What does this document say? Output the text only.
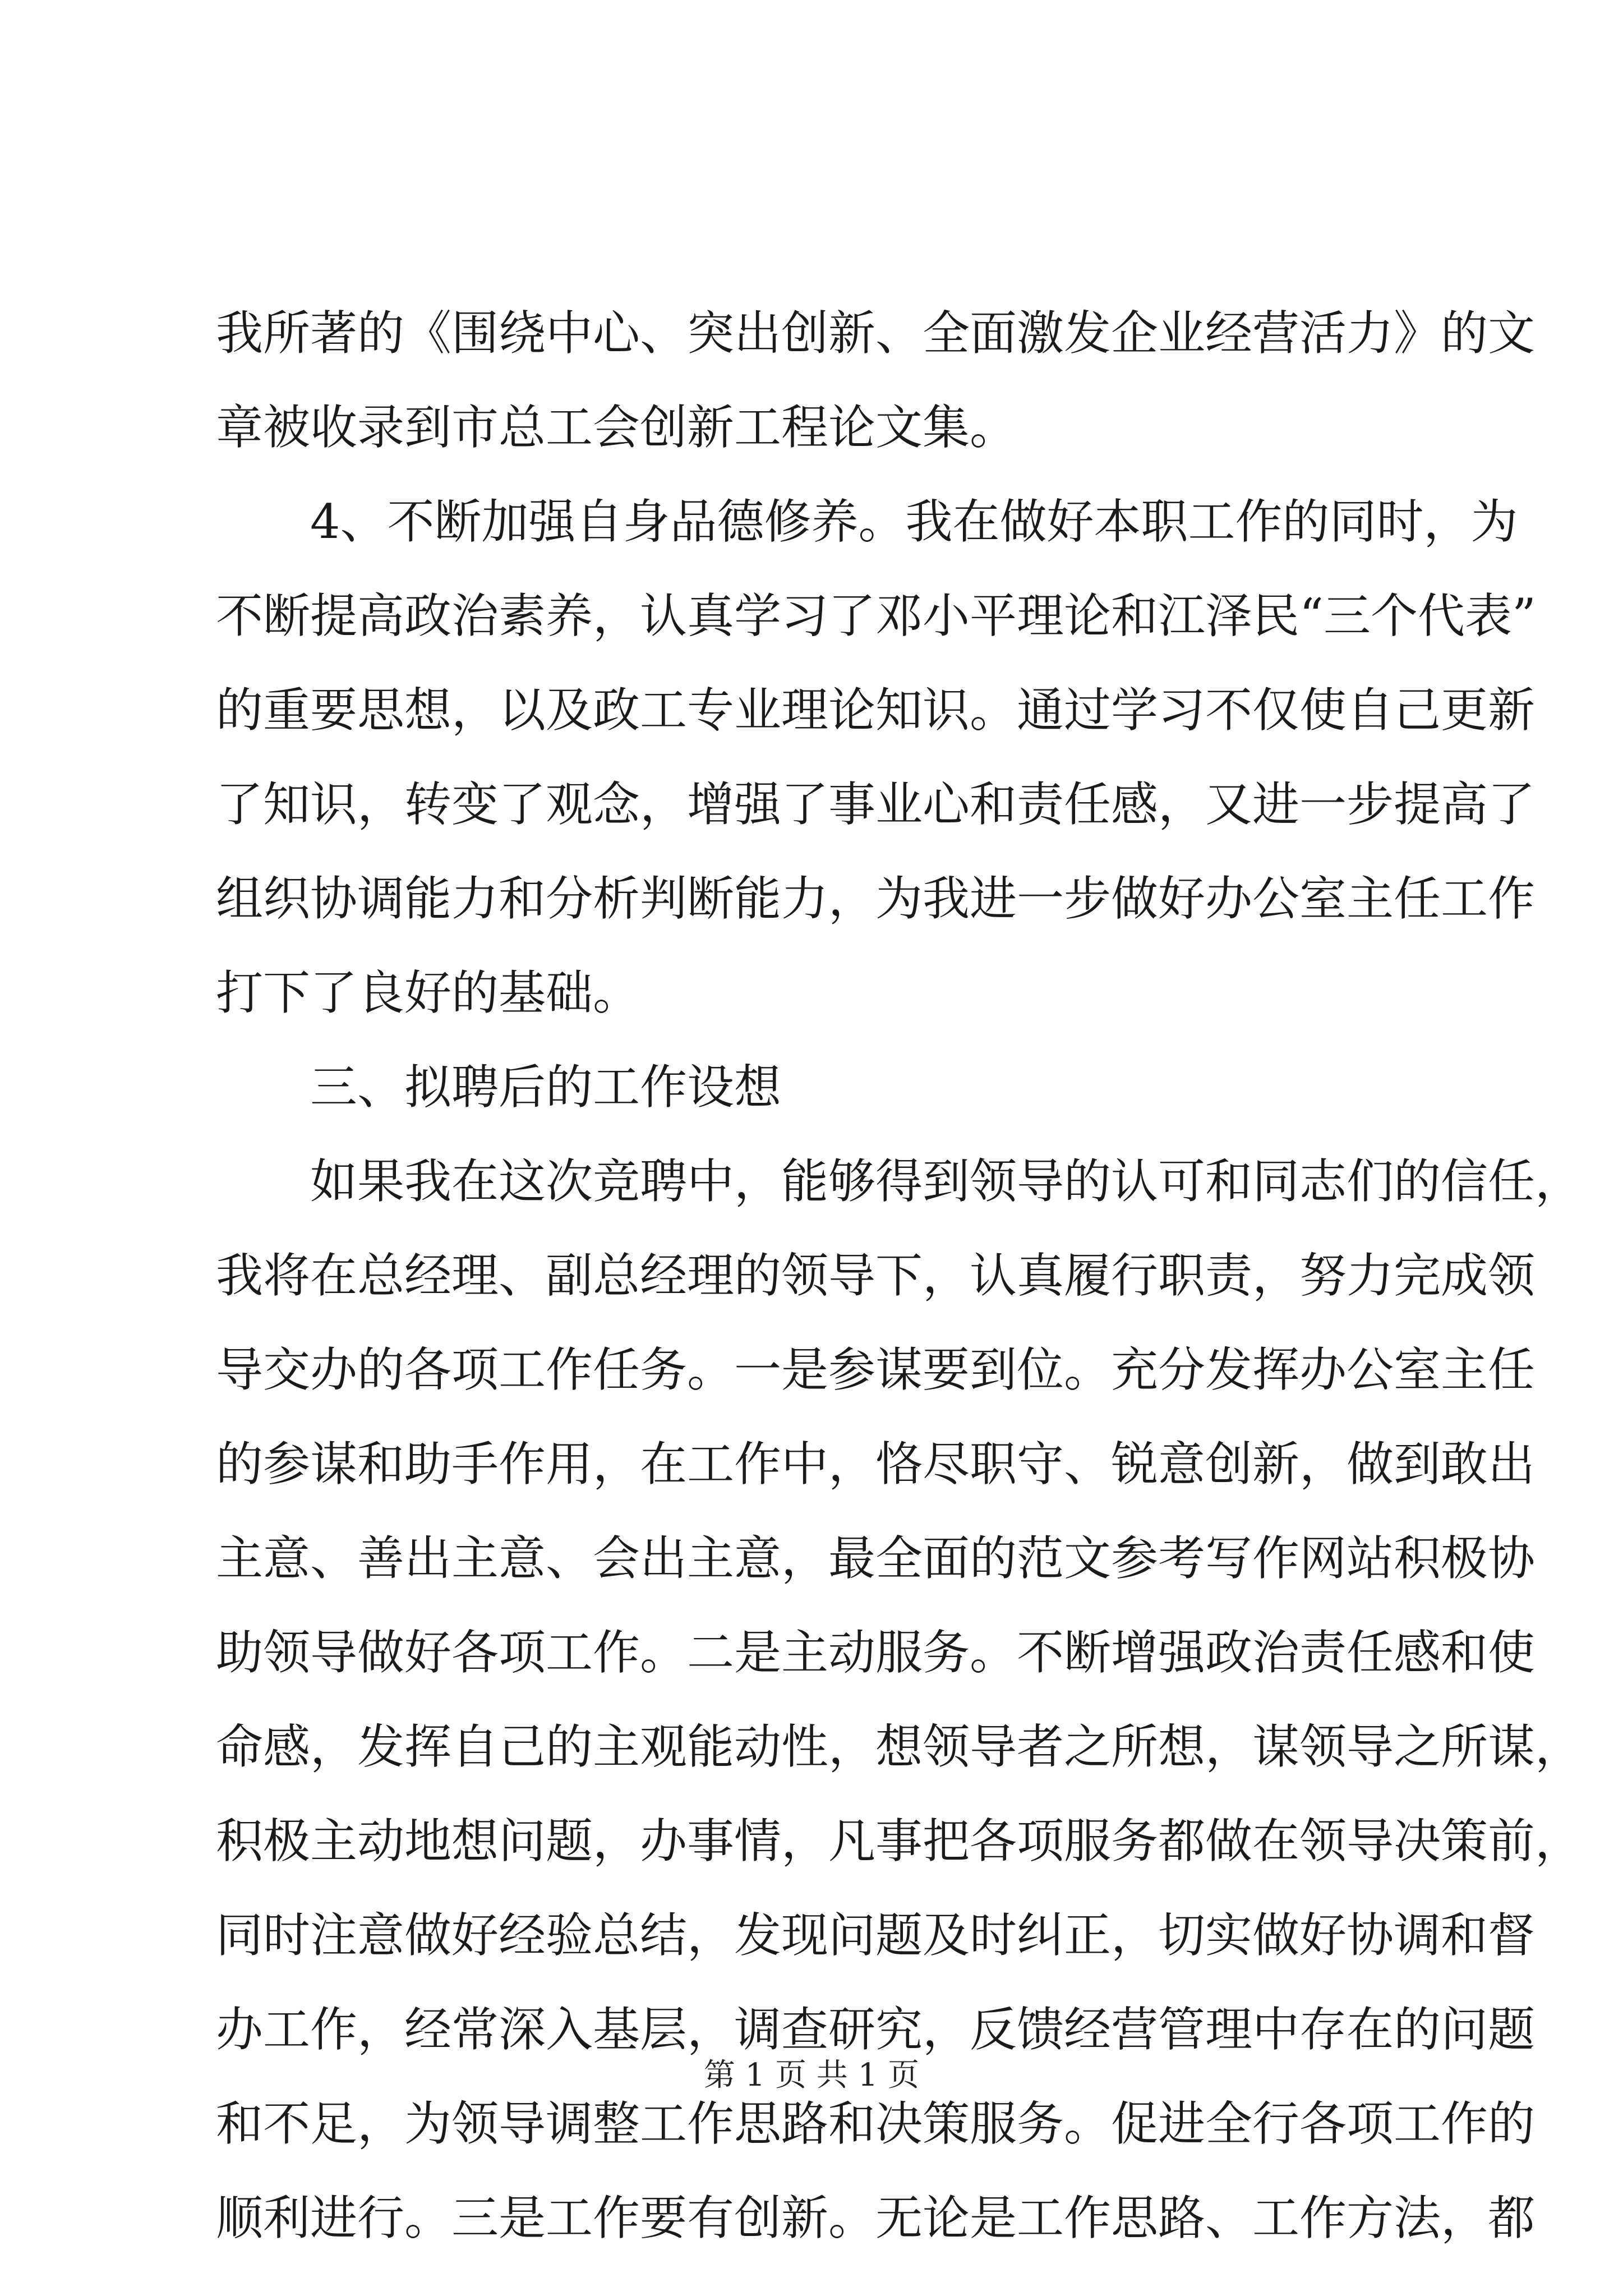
我所著的《围绕中心、突出创新、全面激发企业经营活力》的文
章被收录到市总工会创新工程论文集。
4、不断加强自身品德修养。我在做好本职工作的同时，为
不断提高政治素养，认真学习了邓小平理论和江泽民“三个代表”
的重要思想，以及政工专业理论知识。通过学习不仅使自己更新
了知识，转变了观念，增强了事业心和责任感，又进一步提高了
组织协调能力和分析判断能力，为我进一步做好办公室主任工作
打下了良好的基础。
三、拟聘后的工作设想
如果我在这次竞聘中，能够得到领导的认可和同志们的信任，
我将在总经理、副总经理的领导下，认真履行职责，努力完成领
导交办的各项工作任务。一是参谋要到位。充分发挥办公室主任
的参谋和助手作用，在工作中，恪尽职守、锐意创新，做到敢出
主意、善出主意、会出主意，最全面的范文参考写作网站积极协
助领导做好各项工作。二是主动服务。不断增强政治责任感和使
命感，发挥自己的主观能动性，想领导者之所想，谋领导之所谋，
积极主动地想问题，办事情，凡事把各项服务都做在领导决策前，
同时注意做好经验总结，发现问题及时纠正，切实做好协调和督
办工作，经常深入基层，调查研究，反馈经营管理中存在的问题
和不足，为领导调整工作思路和决策服务。促进全行各项工作的
顺利进行。三是工作要有创新。无论是工作思路、工作方法，都
第 1 页 共 1 页
